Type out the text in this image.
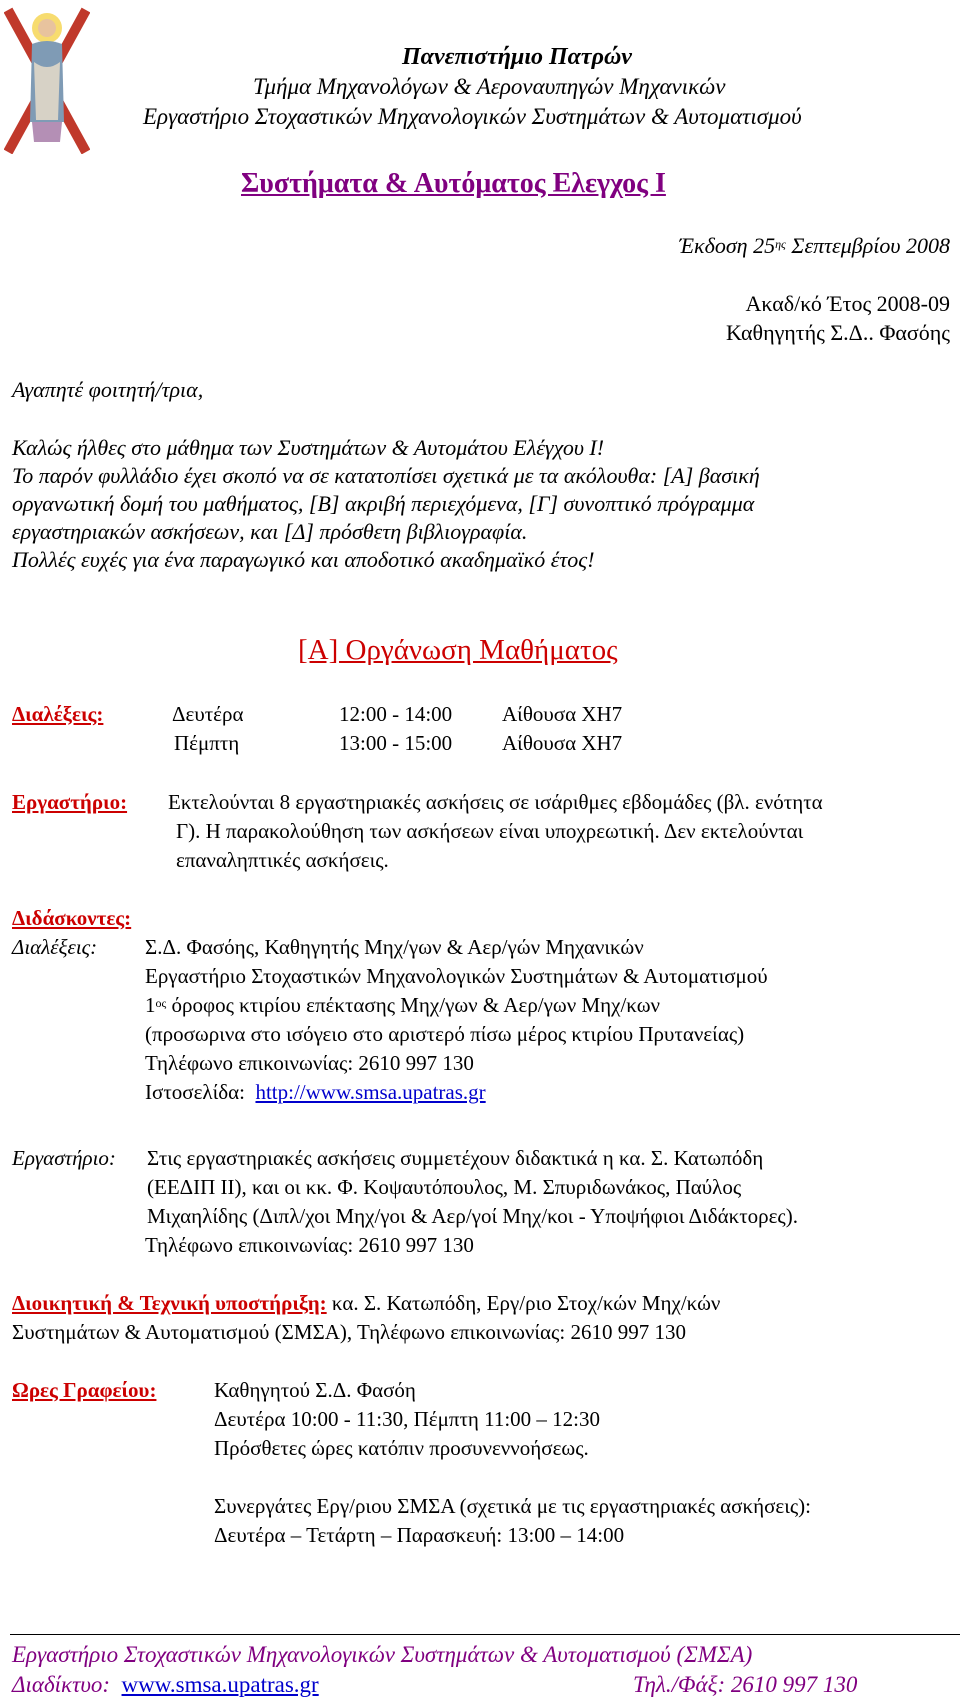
Πανεπιστήμιο Πατρών
Τμήμα Μηχανολόγων & Αεροναυπηγών Μηχανικών
Εργαστήριο Στοχαστικών Μηχανολογικών Συστημάτων & Αυτοματισμού
Συστήματα & Αυτόματος Ελεγχος Ι
Έκδοση $25^{\eta\varsigma}$ Σεπτεμβρίου 2008
Ακαδ/κό Έτος 2008-09
Καθηγητής Σ.Δ.. Φασόης
Αγαπητέ φοιτητή/τρια,
Καλώς ήλθες στο μάθημα των Συστημάτων & Αυτομάτου Ελέγχου Ι!
Το παρόν φυλλάδιο έχει σκοπό να σε κατατοπίσει σχετικά με τα ακόλουθα: [Α] βασική
οργανωτική δομή του μαθήματος, [Β] ακριβή περιεχόμενα, [Γ] συνοπτικό πρόγραμμα
εργαστηριακών ασκήσεων, και [Δ] πρόσθετη βιβλιογραφία.
Πολλές ευχές για ένα παραγωγικό και αποδοτικό ακαδημαϊκό έτος!
[Α] Οργάνωση Μαθήματος
Διαλέξεις:	Δευτέρα	12:00 - 14:00 Αίθουσα ΧΗ7
Πέμπτη	13:00 - 15:00 Αίθουσα ΧΗ7
Εργαστήριο: Εκτελούνται 8 εργαστηριακές ασκήσεις σε ισάριθμες εβδομάδες (βλ. ενότητα
Γ). Η παρακολούθηση των ασκήσεων είναι υποχρεωτική. Δεν εκτελούνται
επαναληπτικές ασκήσεις.
Διδάσκοντες:
Διαλέξεις: Σ.Δ. Φασόης, Καθηγητής Μηχ/γων & Αερ/γών Μηχανικών
Εργαστήριο Στοχαστικών Μηχανολογικών Συστημάτων & Αυτοματισμού
$1^{o\varsigma}$ όροφος κτιρίου επέκτασης Μηχ/γων & Αερ/γων Μηχ/κων
(προσωρινα στο ισόγειο στο αριστερό πίσω μέρος κτιρίου Πρυτανείας)
Τηλέφωνο επικοινωνίας: 2610 997 130
Ιστοσελίδα: http://www.smsa.upatras.gr
Εργαστήριο: Στις εργαστηριακές ασκήσεις συμμετέχουν διδακτικά η κα. Σ. Κατωπόδη
(ΕΕΔΙΠ ΙΙ), και οι κκ. Φ. Κοψαυτόπουλος, Μ. Σπυριδωνάκος, Παύλος
Μιχαηλίδης (Διπλ/χοι Μηχ/γοι & Αερ/γοί Μηχ/κοι - Υποψήφιοι Διδάκτορες).
Τηλέφωνο επικοινωνίας: 2610 997 130
Διοικητική & Τεχνική υποστήριξη: κα. Σ. Κατωπόδη, Εργ/ριο Στοχ/κών Μηχ/κών
Συστημάτων & Αυτοματισμού (ΣΜΣΑ), Τηλέφωνο επικοινωνίας: 2610 997 130
Ωρες Γραφείου:	Καθηγητού Σ.Δ. Φασόη
Δευτέρα 10:00 - 11:30, Πέμπτη 11:00 – 12:30
Πρόσθετες ώρες κατόπιν προσυνεννοήσεως.
Συνεργάτες Εργ/ριου ΣΜΣΑ (σχετικά με τις εργαστηριακές ασκήσεις):
Δευτέρα – Τετάρτη – Παρασκευή: 13:00 – 14:00
Εργαστήριο Στοχαστικών Μηχανολογικών Συστημάτων & Αυτοματισμού (ΣΜΣΑ)
Διαδίκτυο: www.smsa.upatras.gr	Τηλ./Φάξ: 2610 997 130
